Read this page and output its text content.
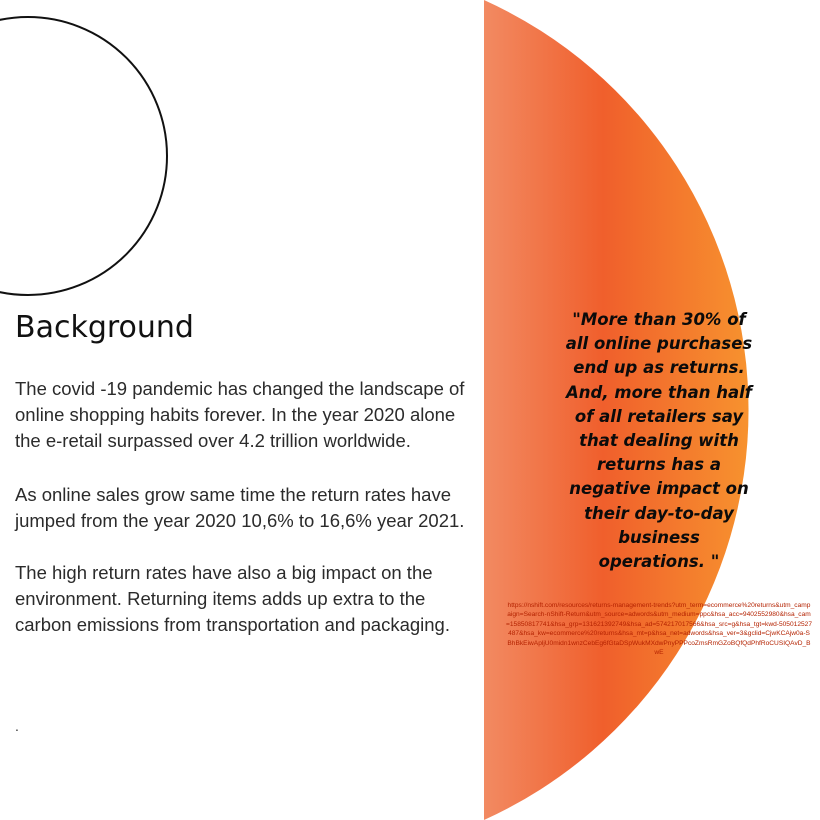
Background

The covid -19 pandemic has changed the landscape of online shopping habits forever. In the year 2020 alone the e-retail surpassed over 4.2 trillion worldwide.

As online sales grow same time the return rates have jumped from the year 2020 10,6% to 16,6% year 2021.

The high return rates have also a big impact on the environment. Returning items adds up extra to the carbon emissions from transportation and packaging.

.

"More than 30% of all online purchases end up as returns. And, more than half of all retailers say that dealing with returns has a negative impact on their day-to-day business operations. "

https://nshift.com/resources/returns-management-trends?utm_term=ecommerce%20returns&utm_campaign=Search-nShift-Return&utm_source=adwords&utm_medium=ppc&hsa_acc=9402552980&hsa_cam=15850817741&hsa_grp=131621392749&hsa_ad=574217017566&hsa_src=g&hsa_tgt=kwd-505012527487&hsa_kw=ecommerce%20returns&hsa_mt=p&hsa_net=adwords&hsa_ver=3&gclid=CjwKCAjw0a-SBhBkEiwApljU0midn1wnzCebEg6fGtaDSpWukMXdwPnyPPPcoZmsRmGZoBQfQdPhfRoCUSIQAvD_BwE
